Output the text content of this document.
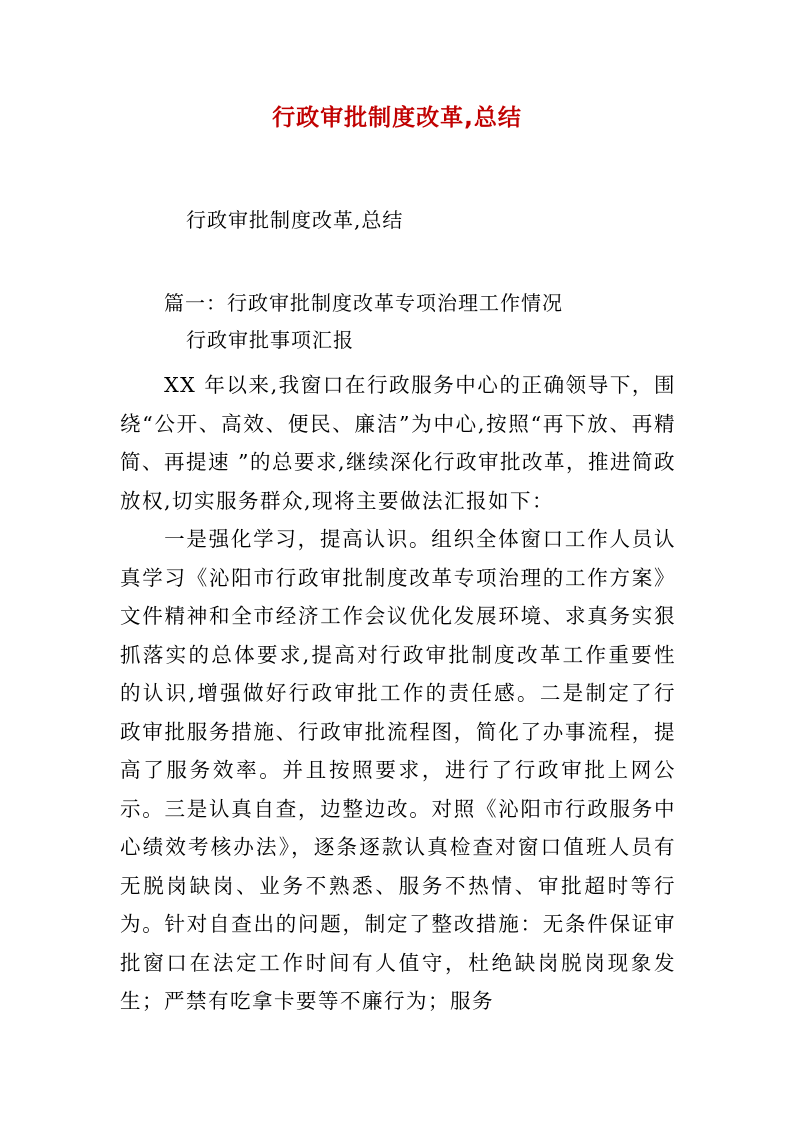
行政审批制度改革,总结
行政审批制度改革,总结
篇一：行政审批制度改革专项治理工作情况
行政审批事项汇报

XX 年以来,我窗口在行政服务中心的正确领导下，围绕“公开、高效、便民、廉洁”为中心,按照“再下放、再精简、再提速 ”的总要求,继续深化行政审批改革，推进简政放权,切实服务群众,现将主要做法汇报如下：

一是强化学习，提高认识。组织全体窗口工作人员认真学习《沁阳市行政审批制度改革专项治理的工作方案》文件精神和全市经济工作会议优化发展环境、求真务实狠抓落实的总体要求,提高对行政审批制度改革工作重要性的认识,增强做好行政审批工作的责任感。二是制定了行政审批服务措施、行政审批流程图，简化了办事流程，提高了服务效率。并且按照要求，进行了行政审批上网公示。三是认真自查，边整边改。对照《沁阳市行政服务中心绩效考核办法》，逐条逐款认真检查对窗口值班人员有无脱岗缺岗、业务不熟悉、服务不热情、审批超时等行为。针对自查出的问题，制定了整改措施：无条件保证审批窗口在法定工作时间有人值守，杜绝缺岗脱岗现象发生；严禁有吃拿卡要等不廉行为；服务
